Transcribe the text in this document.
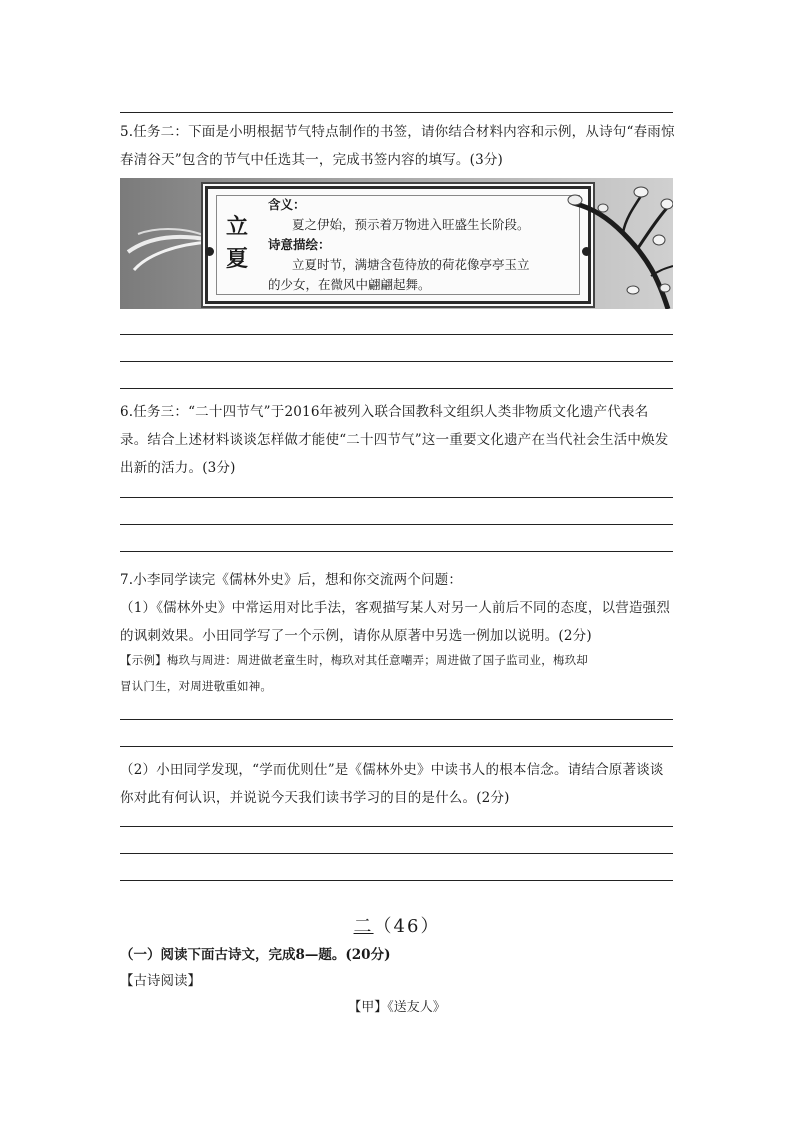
5.任务二：下面是小明根据节气特点制作的书签，请你结合材料内容和示例，从诗句“春雨惊春清谷天”包含的节气中任选其一，完成书签内容的填写。(3分)

立夏
含义：
夏之伊始，预示着万物进入旺盛生长阶段。
诗意描绘：
立夏时节，满塘含苞待放的荷花像亭亭玉立
的少女，在微风中翩翩起舞。

6.任务三：“二十四节气”于2016年被列入联合国教科文组织人类非物质文化遗产代表名录。结合上述材料谈谈怎样做才能使“二十四节气”这一重要文化遗产在当代社会生活中焕发出新的活力。(3分)

7.小李同学读完《儒林外史》后，想和你交流两个问题：

（1）《儒林外史》中常运用对比手法，客观描写某人对另一人前后不同的态度，以营造强烈的讽刺效果。小田同学写了一个示例，请你从原著中另选一例加以说明。(2分)

【示例】梅玖与周进：周进做老童生时，梅玖对其任意嘲弄；周进做了国子监司业，梅玖却

冒认门生，对周进敬重如神。

（2）小田同学发现，“学而优则仕”是《儒林外史》中读书人的根本信念。请结合原著谈谈你对此有何认识，并说说今天我们读书学习的目的是什么。(2分)

二（46）
（一）阅读下面古诗文，完成8—题。(20分)
【古诗阅读】
【甲】《送友人》
